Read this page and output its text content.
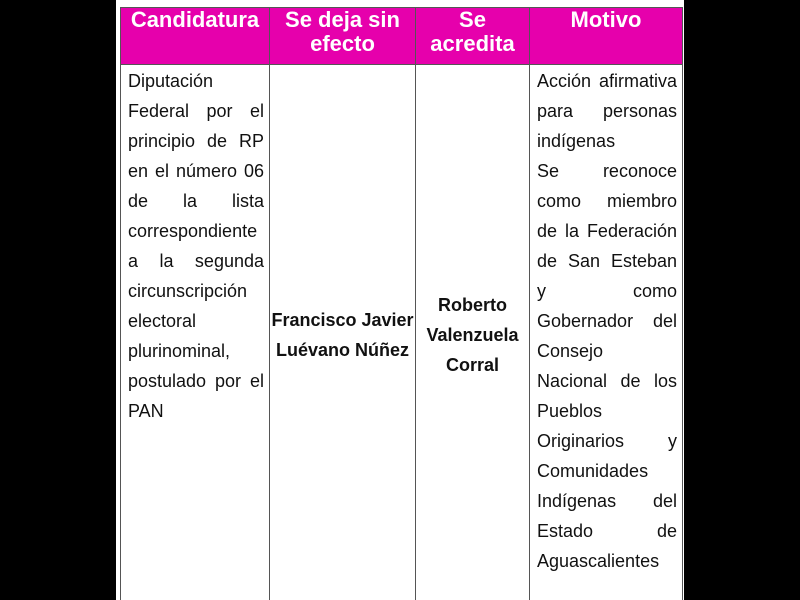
Candidatura	Se deja sin efecto	Se acredita	Motivo
Diputación Federal por el principio de RP en el número 06 de la lista correspondiente a la segunda circunscripción electoral plurinominal, postulado por el PAN	Francisco Javier Luévano Núñez	Roberto Valenzuela Corral	Acción afirmativa para personas indígenas
Se reconoce como miembro de la Federación de San Esteban y como Gobernador del Consejo Nacional de los Pueblos Originarios y Comunidades Indígenas del Estado de Aguascalientes
